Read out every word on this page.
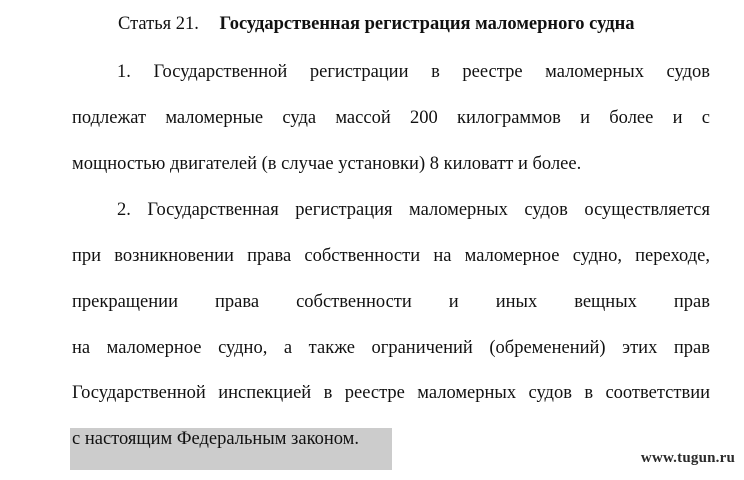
Статья 21. Государственная регистрация маломерного судна
1. Государственной регистрации в реестре маломерных судов
подлежат маломерные суда массой 200 килограммов и более и с
мощностью двигателей (в случае установки) 8 киловатт и более.
2. Государственная регистрация маломерных судов осуществляется
при возникновении права собственности на маломерное судно, переходе,
прекращении права собственности и иных вещных прав
на маломерное судно, а также ограничений (обременений) этих прав
Государственной инспекцией в реестре маломерных судов в соответствии
с настоящим Федеральным законом.
www.tugun.ru
